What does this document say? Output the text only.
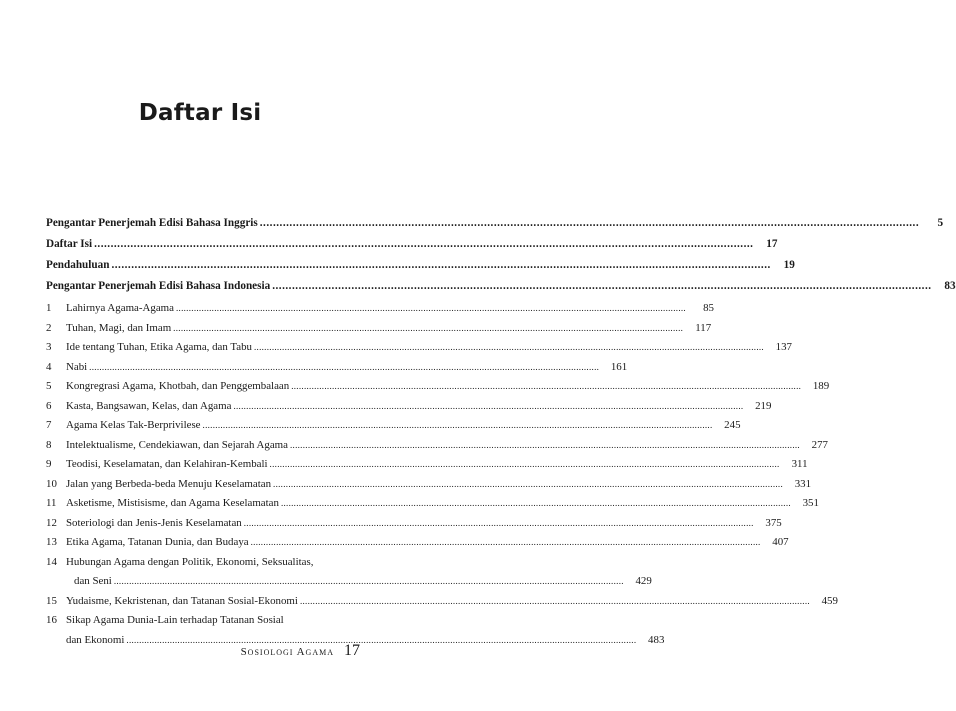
Daftar Isi
Pengantar Penerjemah Edisi Bahasa Inggris ........................................................................................................................................................................................................	5
Daftar Isi ........................................................................................................................................................................................................	17
Pendahuluan ........................................................................................................................................................................................................	19
Pengantar Penerjemah Edisi Bahasa Indonesia ........................................................................................................................................................................................................	83
1	Lahirnya Agama-Agama ........................................................................................................................................................................................................	85
2	Tuhan, Magi, dan Imam ........................................................................................................................................................................................................	117
3	Ide tentang Tuhan, Etika Agama, dan Tabu ........................................................................................................................................................................................................	137
4	Nabi ........................................................................................................................................................................................................	161
5	Kongregrasi Agama, Khotbah, dan Penggembalaan ........................................................................................................................................................................................................	189
6	Kasta, Bangsawan, Kelas, dan Agama ........................................................................................................................................................................................................	219
7	Agama Kelas Tak-Berprivilese ........................................................................................................................................................................................................	245
8	Intelektualisme, Cendekiawan, dan Sejarah Agama ........................................................................................................................................................................................................	277
9	Teodisi, Keselamatan, dan Kelahiran-Kembali ........................................................................................................................................................................................................	311
10 Jalan yang Berbeda-beda Menuju Keselamatan ........................................................................................................................................................................................................	331
11 Asketisme, Mistisisme, dan Agama Keselamatan ........................................................................................................................................................................................................	351
12 Soteriologi dan Jenis-Jenis Keselamatan ........................................................................................................................................................................................................	375
13 Etika Agama, Tatanan Dunia, dan Budaya ........................................................................................................................................................................................................	407
14 Hubungan Agama dengan Politik, Ekonomi, Seksualitas,
dan Seni ........................................................................................................................................................................................................	429
15 Yudaisme, Kekristenan, dan Tatanan Sosial-Ekonomi ........................................................................................................................................................................................................	459
16 Sikap Agama Dunia-Lain terhadap Tatanan Sosial
dan Ekonomi ........................................................................................................................................................................................................	483
Sosiologi Agama 17
